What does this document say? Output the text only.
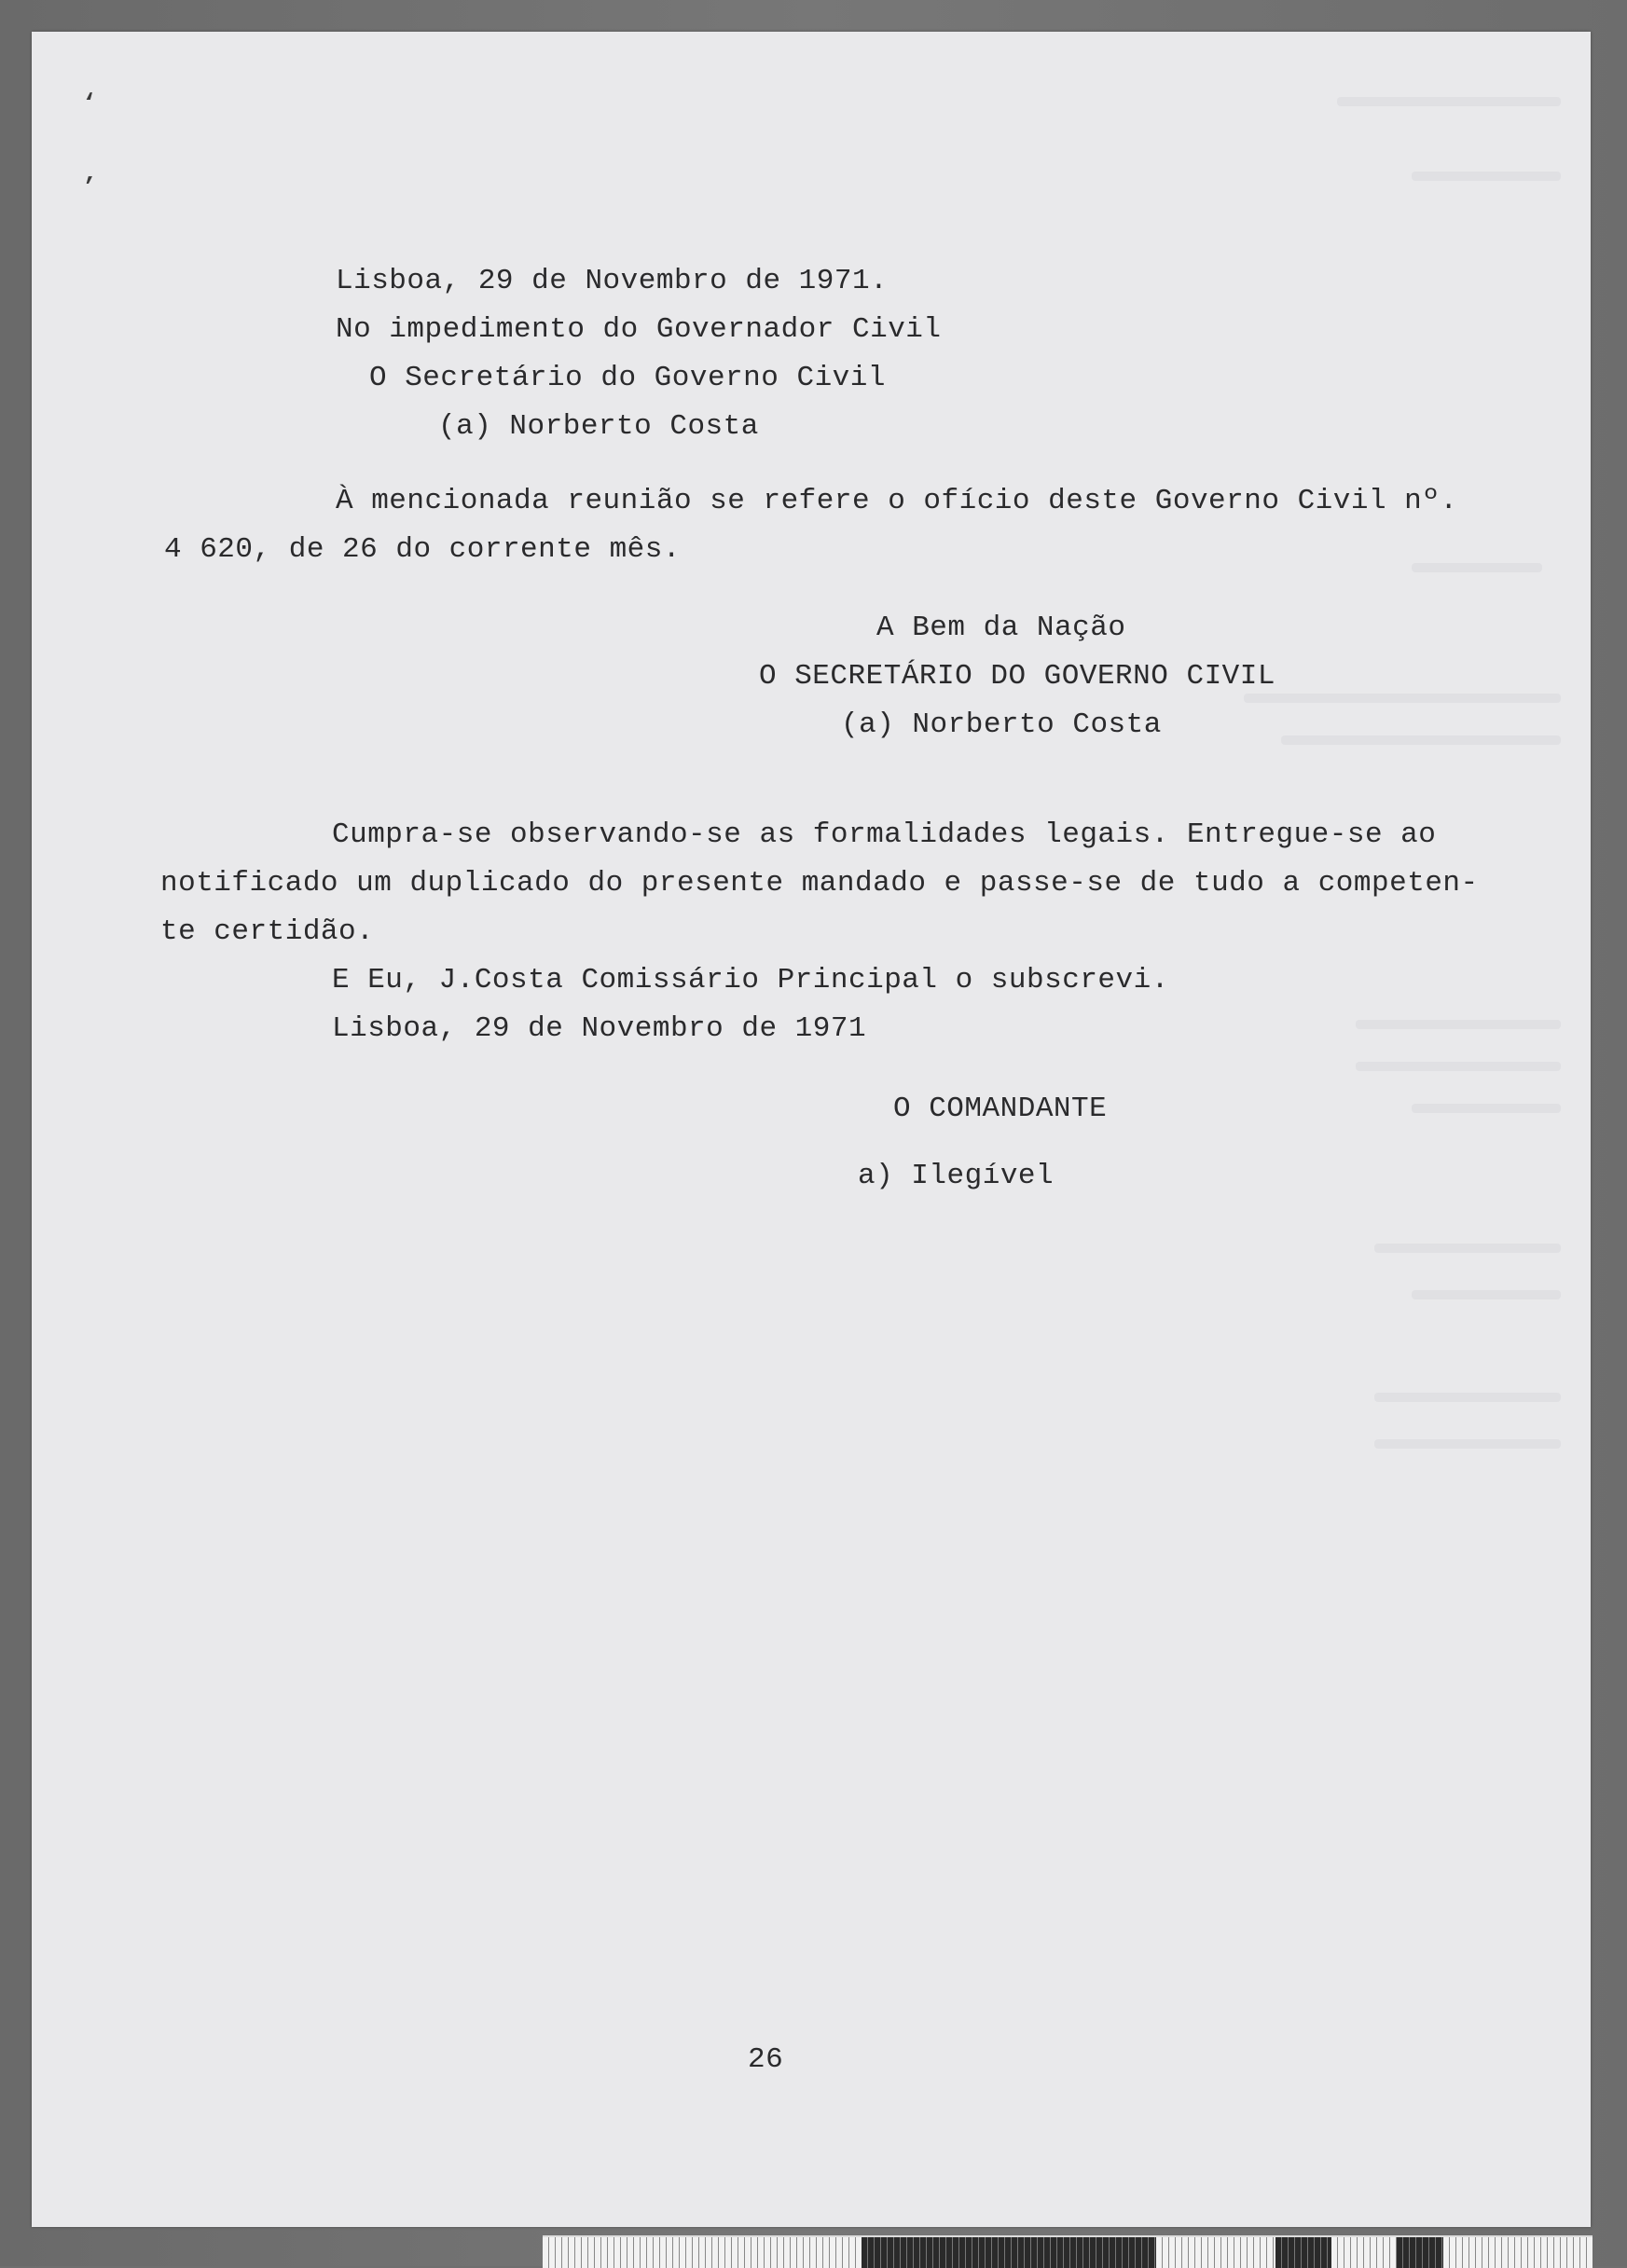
‘
’
Lisboa, 29 de Novembro de 1971.
No impedimento do Governador Civil
O Secretário do Governo Civil
(a) Norberto Costa
À mencionada reunião se refere o ofício deste Governo Civil nº.
4 620, de 26 do corrente mês.
A Bem da Nação
O SECRETÁRIO DO GOVERNO CIVIL
(a) Norberto Costa
Cumpra-se observando-se as formalidades legais. Entregue-se ao
notificado um duplicado do presente mandado e passe-se de tudo a competen-
te certidão.
E Eu, J.Costa Comissário Principal o subscrevi.
Lisboa, 29 de Novembro de 1971
O COMANDANTE
a) Ilegível
26
